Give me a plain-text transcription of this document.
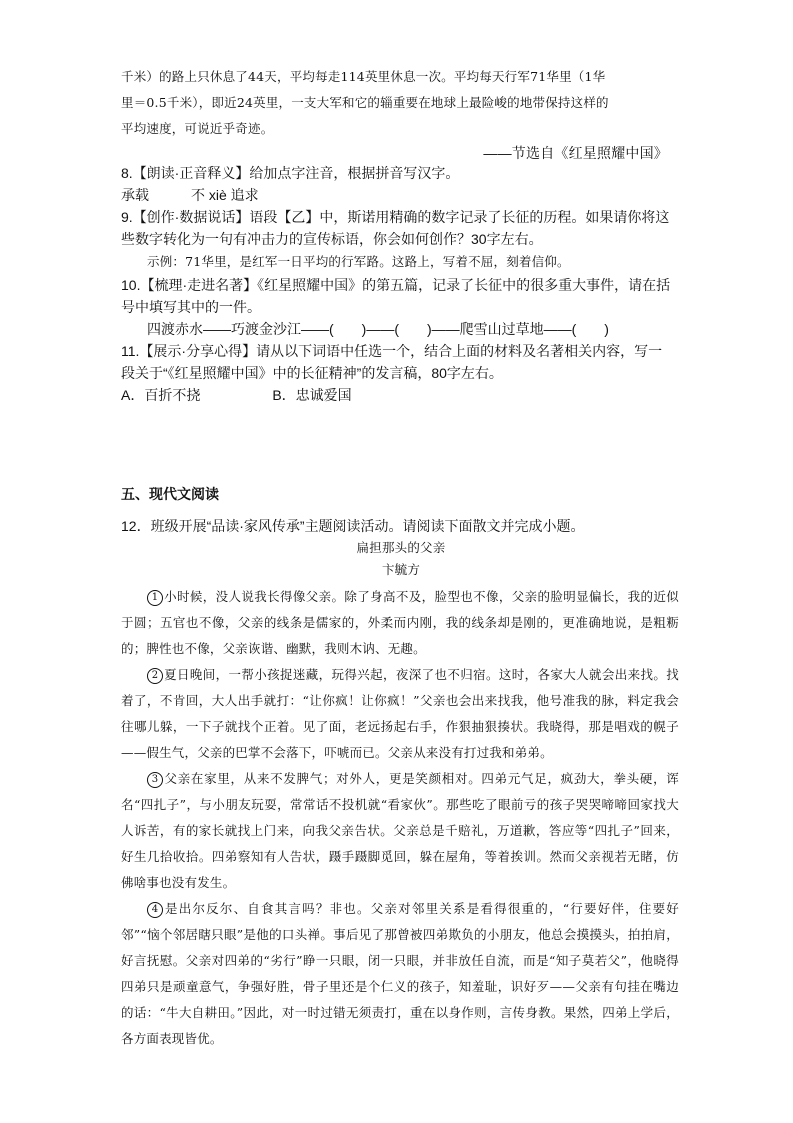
千米）的路上只休息了44天，平均每走114英里休息一次。平均每天行军71华里（1华

里＝0.5千米），即近24英里，一支大军和它的辎重要在地球上最险峻的地带保持这样的

平均速度，可说近乎奇迹。

——节选自《红星照耀中国》

8.【朗读·正音释义】给加点字注音，根据拼音写汉字。

承载　　　不 xiè 追求

9.【创作·数据说话】语段【乙】中，斯诺用精确的数字记录了长征的历程。如果请你将这

些数字转化为一句有冲击力的宣传标语，你会如何创作？30字左右。

示例：71华里，是红军一日平均的行军路。这路上，写着不屈，刻着信仰。

10.【梳理·走进名著】《红星照耀中国》的第五篇，记录了长征中的很多重大事件，请在括

号中填写其中的一件。

四渡赤水——巧渡金沙江——(　　)——(　　)——爬雪山过草地——(　　)

11.【展示·分享心得】请从以下词语中任选一个，结合上面的材料及名著相关内容，写一

段关于“《红星照耀中国》中的长征精神”的发言稿，80字左右。

A．百折不挠	B．忠诚爱国
五、现代文阅读

12．班级开展“品读·家风传承”主题阅读活动。请阅读下面散文并完成小题。

扁担那头的父亲

卞毓方

1 小时候，没人说我长得像父亲。除了身高不及，脸型也不像，父亲的脸明显偏长，我的近似于圆；五官也不像，父亲的线条是儒家的，外柔而内刚，我的线条却是刚的，更准确地说，是粗粝的；脾性也不像，父亲诙谐、幽默，我则木讷、无趣。

2 夏日晚间，一帮小孩捉迷藏，玩得兴起，夜深了也不归宿。这时，各家大人就会出来找。找着了，不肯回，大人出手就打：“让你疯！让你疯！”父亲也会出来找我，他号准我的脉，料定我会往哪儿躲，一下子就找个正着。见了面，老远扬起右手，作狠抽狠揍状。我晓得，那是唱戏的幌子——假生气，父亲的巴掌不会落下，吓唬而已。父亲从来没有打过我和弟弟。

3 父亲在家里，从来不发脾气；对外人，更是笑颜相对。四弟元气足，疯劲大，拳头硬，诨名“四扎子”，与小朋友玩耍，常常话不投机就“看家伙”。那些吃了眼前亏的孩子哭哭啼啼回家找大人诉苦，有的家长就找上门来，向我父亲告状。父亲总是千赔礼，万道歉，答应等“四扎子”回来，好生几拾收拾。四弟察知有人告状，蹑手蹑脚觅回，躲在屋角，等着挨训。然而父亲视若无睹，仿佛啥事也没有发生。

4 是出尔反尔、自食其言吗？非也。父亲对邻里关系是看得很重的，“行要好伴，住要好邻”“恼个邻居瞎只眼”是他的口头禅。事后见了那曾被四弟欺负的小朋友，他总会摸摸头，拍拍肩，好言抚慰。父亲对四弟的“劣行”睁一只眼，闭一只眼，并非放任自流，而是“知子莫若父”，他晓得四弟只是顽童意气，争强好胜，骨子里还是个仁义的孩子，知羞耻，识好歹——父亲有句挂在嘴边的话：“牛大自耕田。”因此，对一时过错无须责打，重在以身作则，言传身教。果然，四弟上学后，各方面表现皆优。
